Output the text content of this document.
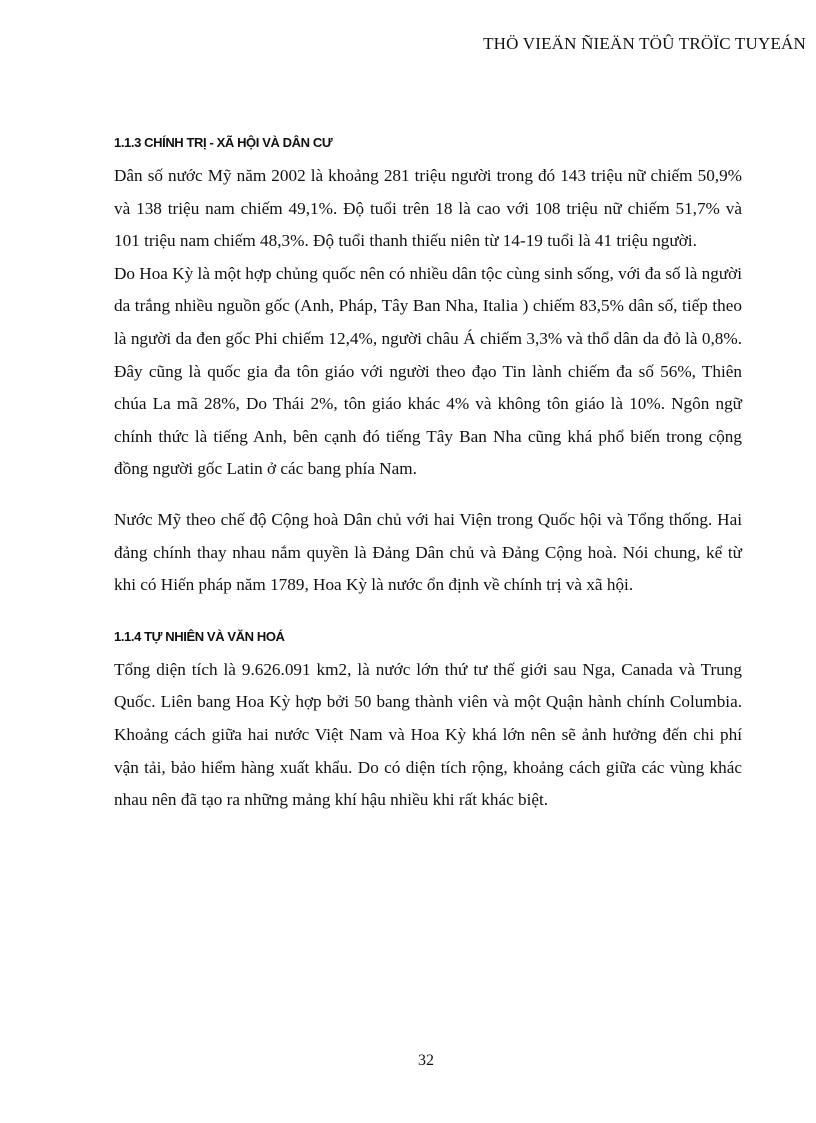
THÖ VIEÄN ÑIEÄN TÖÛ TRÖÏC TUYEÁN
1.1.3 CHÍNH TRỊ - XÃ HỘI VÀ DÂN CƯ

Dân số nước Mỹ năm 2002 là khoảng 281 triệu người trong đó 143 triệu nữ chiếm 50,9% và 138 triệu nam chiếm 49,1%. Độ tuổi trên 18 là cao với 108 triệu nữ chiếm 51,7% và 101 triệu nam chiếm 48,3%. Độ tuổi thanh thiếu niên từ 14-19 tuổi là 41 triệu người.

Do Hoa Kỳ là một hợp chủng quốc nên có nhiều dân tộc cùng sinh sống, với đa số là người da trắng nhiều nguồn gốc (Anh, Pháp, Tây Ban Nha, Italia ) chiếm 83,5% dân số, tiếp theo là người da đen gốc Phi chiếm 12,4%, người châu Á chiếm 3,3% và thổ dân da đỏ là 0,8%. Đây cũng là quốc gia đa tôn giáo với người theo đạo Tin lành chiếm đa số 56%, Thiên chúa La mã 28%, Do Thái 2%, tôn giáo khác 4% và không tôn giáo là 10%. Ngôn ngữ chính thức là tiếng Anh, bên cạnh đó tiếng Tây Ban Nha cũng khá phổ biến trong cộng đồng người gốc Latin ở các bang phía Nam.

Nước Mỹ theo chế độ Cộng hoà Dân chủ với hai Viện trong Quốc hội và Tổng thống. Hai đảng chính thay nhau nắm quyền là Đảng Dân chủ và Đảng Cộng hoà. Nói chung, kể từ khi có Hiến pháp năm 1789, Hoa Kỳ là nước ổn định về chính trị và xã hội.

1.1.4 TỰ NHIÊN VÀ VĂN HOÁ

Tổng diện tích là 9.626.091 km2, là nước lớn thứ tư thế giới sau Nga, Canada và Trung Quốc. Liên bang Hoa Kỳ hợp bởi 50 bang thành viên và một Quận hành chính Columbia. Khoảng cách giữa hai nước Việt Nam và Hoa Kỳ khá lớn nên sẽ ảnh hưởng đến chi phí vận tải, bảo hiểm hàng xuất khẩu. Do có diện tích rộng, khoảng cách giữa các vùng khác nhau nên đã tạo ra những mảng khí hậu nhiều khi rất khác biệt.

32
